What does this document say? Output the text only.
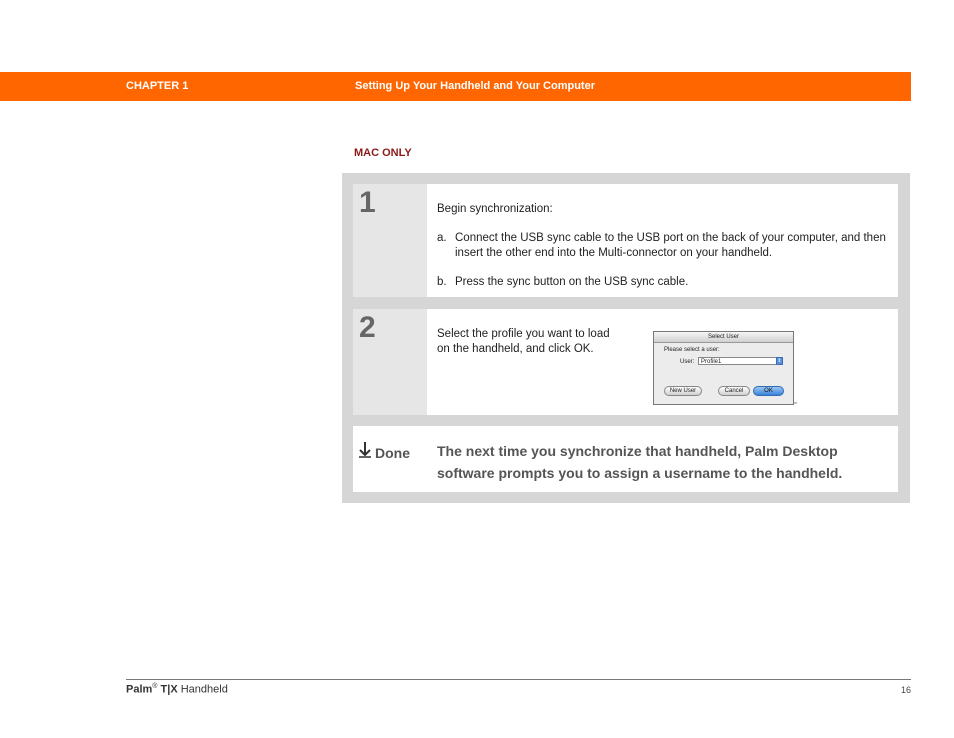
CHAPTER 1	Setting Up Your Handheld and Your Computer
MAC ONLY
1	Begin synchronization:
a. Connect the USB sync cable to the USB port on the back of your computer, and then insert the other end into the Multi-connector on your handheld.
b. Press the sync button on the USB sync cable.
2	Select the profile you want to load on the handheld, and click OK.
Select User
Please select a user:
User:	Profile1	⇕
New User	Cancel	OK
m
Done The next time you synchronize that handheld, Palm Desktop software prompts you to assign a username to the handheld.
Palm® T|X Handheld	16
